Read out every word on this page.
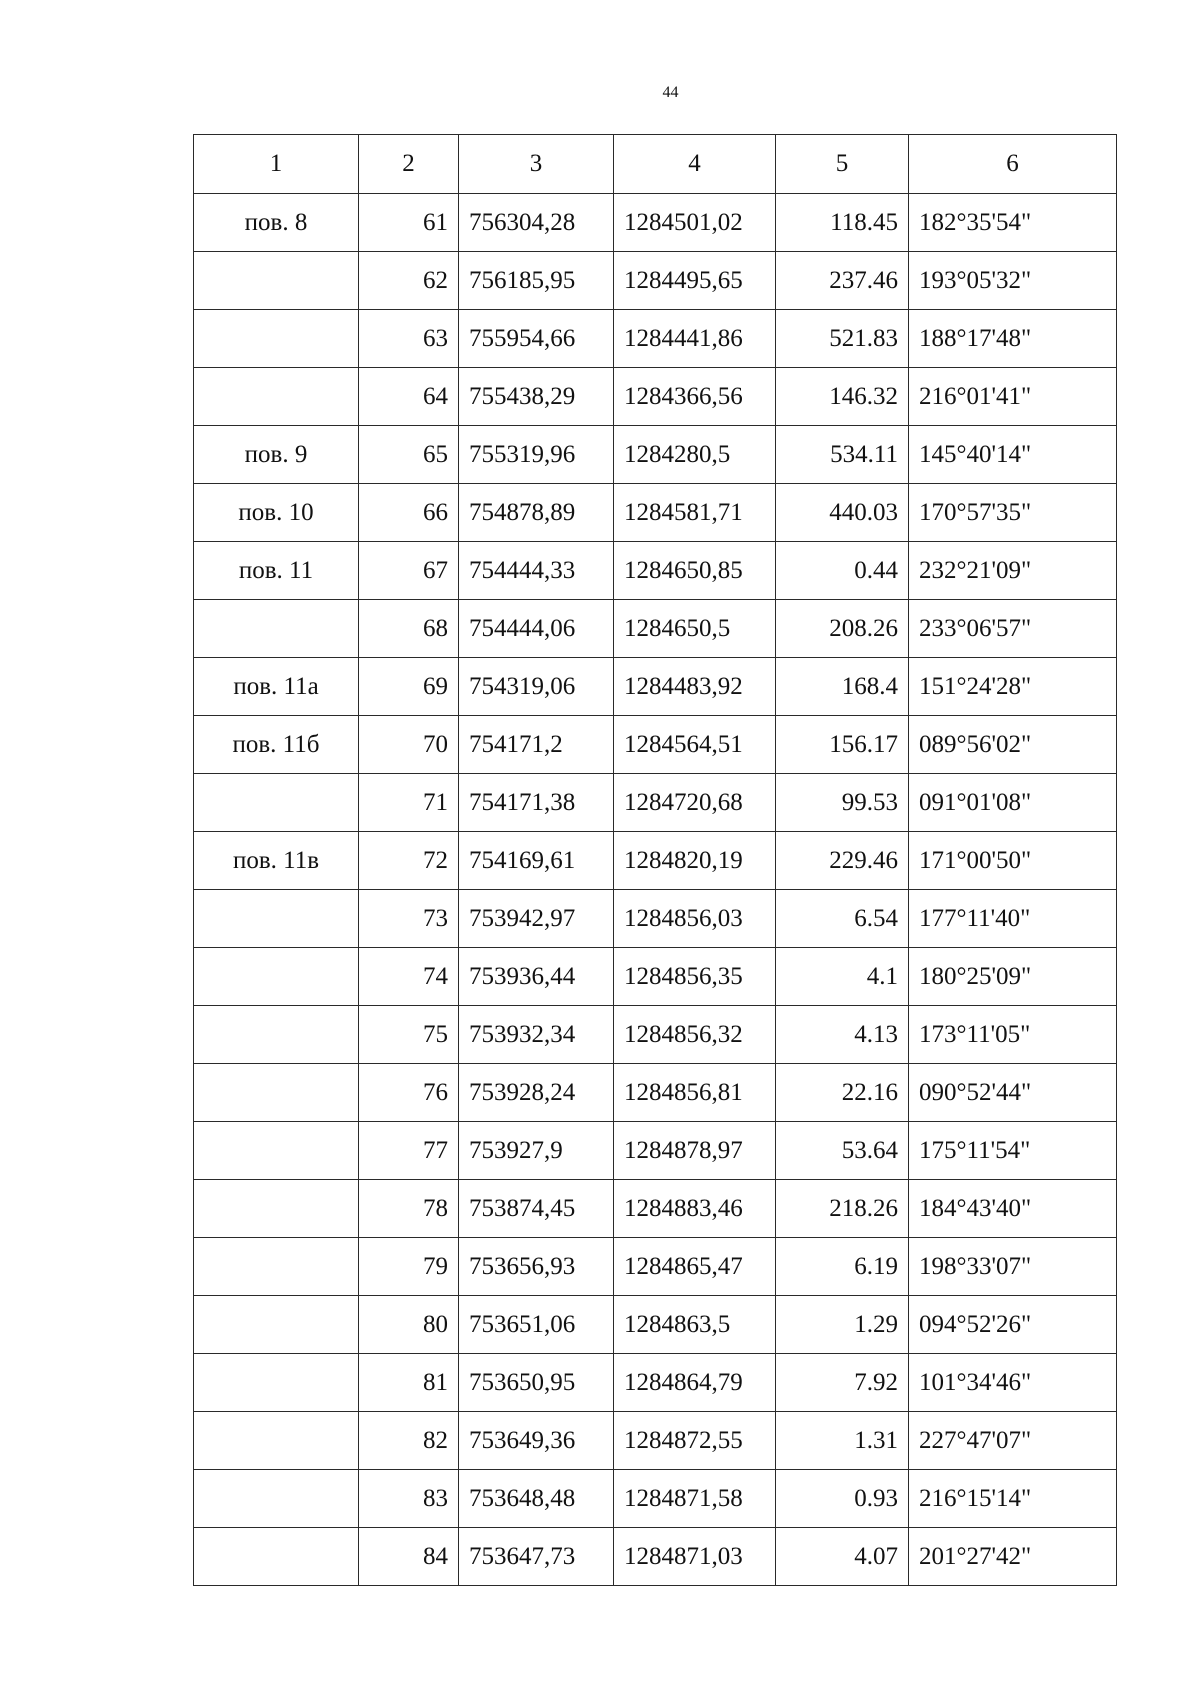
44
1	2	3	4	5	6
пов. 8	61	756304,28	1284501,02	118.45	182°35'54"
	62	756185,95	1284495,65	237.46	193°05'32"
	63	755954,66	1284441,86	521.83	188°17'48"
	64	755438,29	1284366,56	146.32	216°01'41"
пов. 9	65	755319,96	1284280,5	534.11	145°40'14"
пов. 10	66	754878,89	1284581,71	440.03	170°57'35"
пов. 11	67	754444,33	1284650,85	0.44	232°21'09"
	68	754444,06	1284650,5	208.26	233°06'57"
пов. 11а	69	754319,06	1284483,92	168.4	151°24'28"
пов. 11б	70	754171,2	1284564,51	156.17	089°56'02"
	71	754171,38	1284720,68	99.53	091°01'08"
пов. 11в	72	754169,61	1284820,19	229.46	171°00'50"
	73	753942,97	1284856,03	6.54	177°11'40"
	74	753936,44	1284856,35	4.1	180°25'09"
	75	753932,34	1284856,32	4.13	173°11'05"
	76	753928,24	1284856,81	22.16	090°52'44"
	77	753927,9	1284878,97	53.64	175°11'54"
	78	753874,45	1284883,46	218.26	184°43'40"
	79	753656,93	1284865,47	6.19	198°33'07"
	80	753651,06	1284863,5	1.29	094°52'26"
	81	753650,95	1284864,79	7.92	101°34'46"
	82	753649,36	1284872,55	1.31	227°47'07"
	83	753648,48	1284871,58	0.93	216°15'14"
	84	753647,73	1284871,03	4.07	201°27'42"
